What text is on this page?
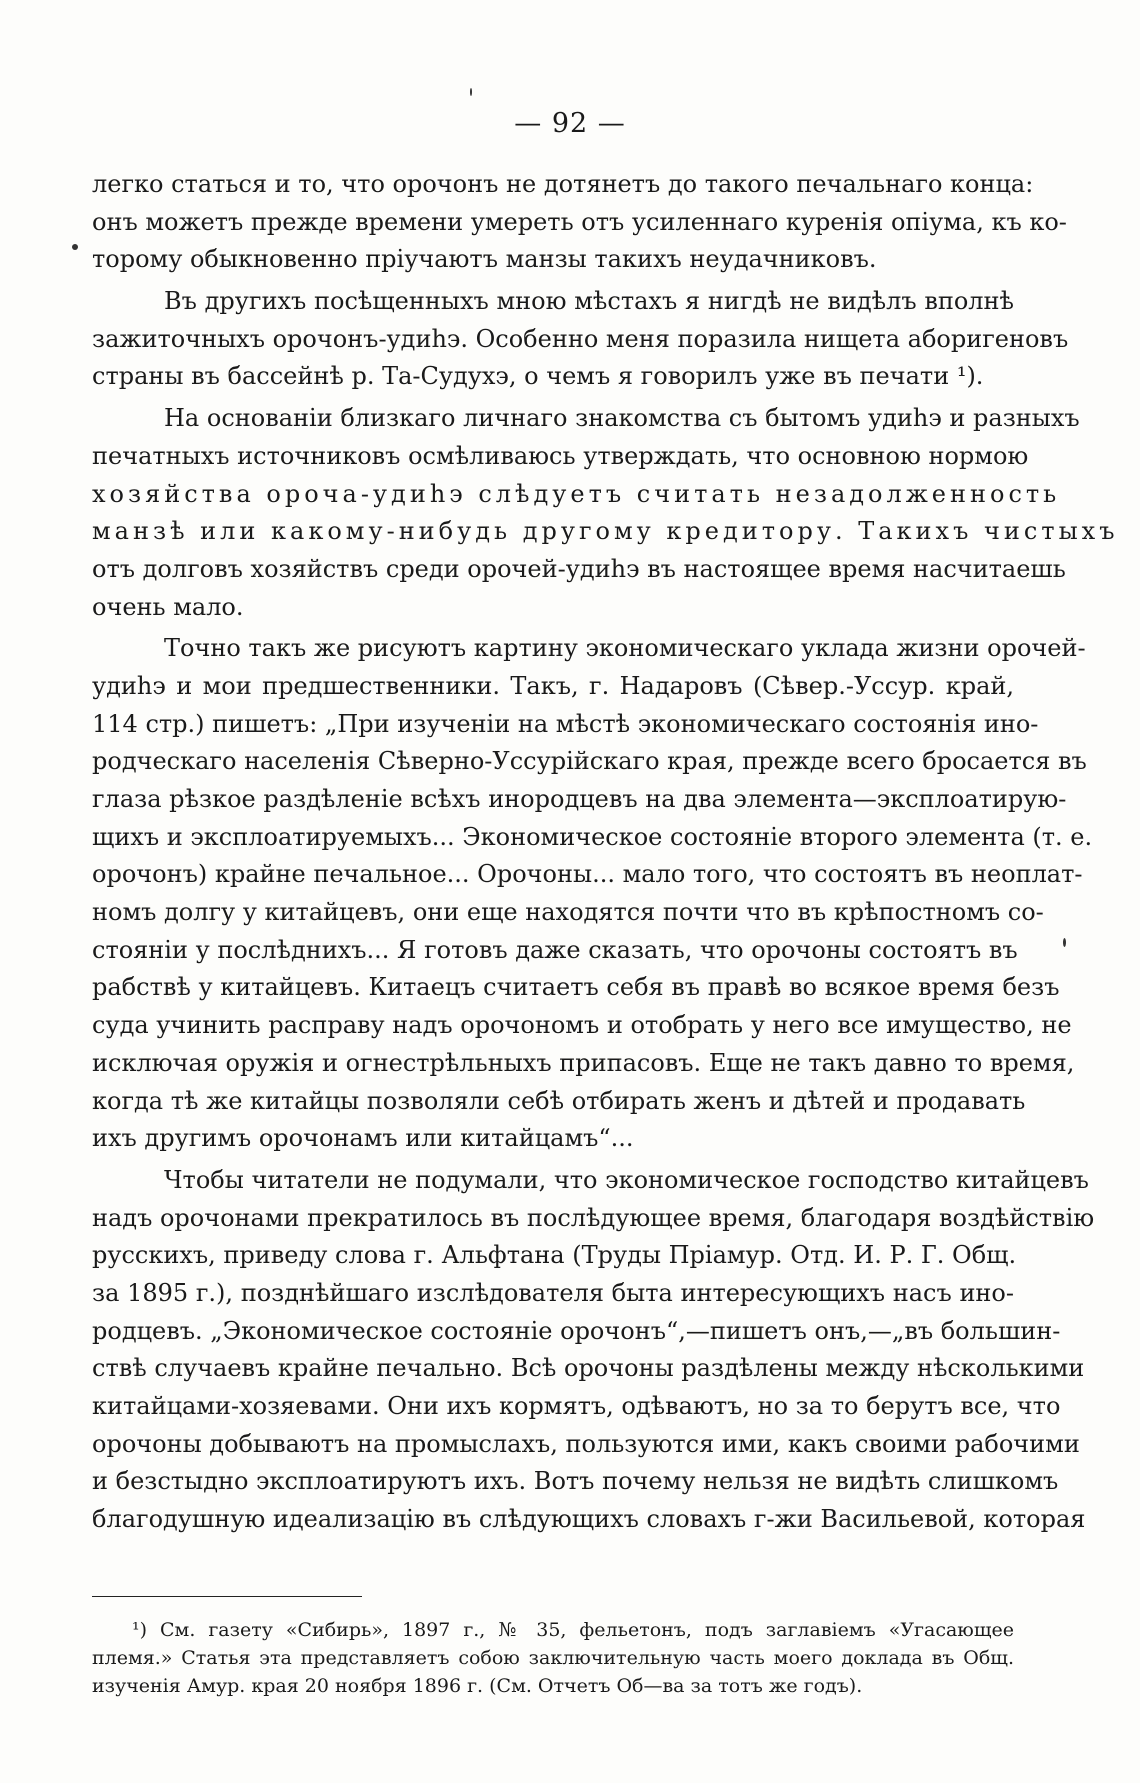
— 92 —
легко статься и то, что орочонъ не дотянетъ до такого печальнаго конца:
онъ можетъ прежде времени умереть отъ усиленнаго куренія опіума, къ ко-
торому обыкновенно пріучаютъ манзы такихъ неудачниковъ.
Въ другихъ посѣщенныхъ мною мѣстахъ я нигдѣ не видѣлъ вполнѣ
зажиточныхъ орочонъ-удиһэ. Особенно меня поразила нищета аборигеновъ
страны въ бассейнѣ р. Та-Судухэ, о чемъ я говорилъ уже въ печати ¹).
На основаніи близкаго личнаго знакомства съ бытомъ удиһэ и разныхъ
печатныхъ источниковъ осмѣливаюсь утверждать, что основною нормою
хозяйства ороча-удиһэ слѣдуетъ считать незадолженность
манзѣ или какому-нибудь другому кредитору. Такихъ чистыхъ
отъ долговъ хозяйствъ среди орочей-удиһэ въ настоящее время насчитаешь
очень мало.
Точно такъ же рисуютъ картину экономическаго уклада жизни орочей-
удиһэ и мои предшественники. Такъ, г. Надаровъ (Сѣвер.-Уссур. край,
114 стр.) пишетъ: „При изученіи на мѣстѣ экономическаго состоянія ино-
родческаго населенія Сѣверно-Уссурійскаго края, прежде всего бросается въ
глаза рѣзкое раздѣленіе всѣхъ инородцевъ на два элемента—эксплоатирую-
щихъ и эксплоатируемыхъ... Экономическое состояніе второго элемента (т. е.
орочонъ) крайне печальное... Орочоны... мало того, что состоятъ въ неоплат-
номъ долгу у китайцевъ, они еще находятся почти что въ крѣпостномъ со-
стояніи у послѣднихъ... Я готовъ даже сказать, что орочоны состоятъ въ
рабствѣ у китайцевъ. Китаецъ считаетъ себя въ правѣ во всякое время безъ
суда учинить расправу надъ орочономъ и отобрать у него все имущество, не
исключая оружія и огнестрѣльныхъ припасовъ. Еще не такъ давно то время,
когда тѣ же китайцы позволяли себѣ отбирать женъ и дѣтей и продавать
ихъ другимъ орочонамъ или китайцамъ“...
Чтобы читатели не подумали, что экономическое господство китайцевъ
надъ орочонами прекратилось въ послѣдующее время, благодаря воздѣйствію
русскихъ, приведу слова г. Альфтана (Труды Пріамур. Отд. И. Р. Г. Общ.
за 1895 г.), позднѣйшаго изслѣдователя быта интересующихъ насъ ино-
родцевъ. „Экономическое состояніе орочонъ“,—пишетъ онъ,—„въ большин-
ствѣ случаевъ крайне печально. Всѣ орочоны раздѣлены между нѣсколькими
китайцами-хозяевами. Они ихъ кормятъ, одѣваютъ, но за то берутъ все, что
орочоны добываютъ на промыслахъ, пользуются ими, какъ своими рабочими
и безстыдно эксплоатируютъ ихъ. Вотъ почему нельзя не видѣть слишкомъ
благодушную идеализацію въ слѣдующихъ словахъ г-жи Васильевой, которая
¹) См. газету «Сибирь», 1897 г., № 35, фельетонъ, подъ заглавіемъ «Угасающее
племя.» Статья эта представляетъ собою заключительную часть моего доклада въ Общ.
изученія Амур. края 20 ноября 1896 г. (См. Отчетъ Об—ва за тотъ же годъ).
